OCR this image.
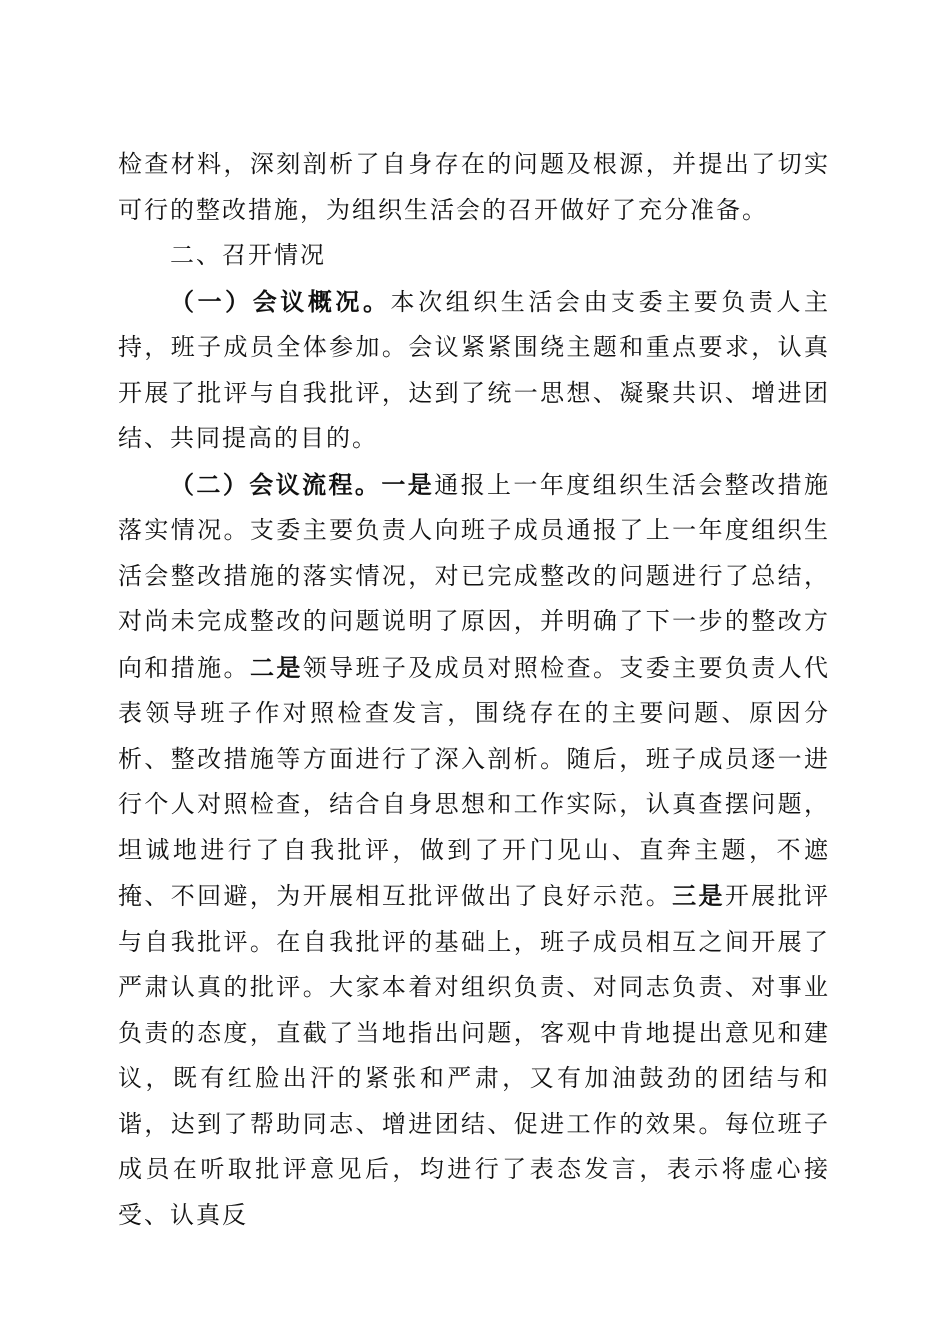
检查材料，深刻剖析了自身存在的问题及根源，并提出了切实可行的整改措施，为组织生活会的召开做好了充分准备。

二、召开情况

（一）会议概况。本次组织生活会由支委主要负责人主持，班子成员全体参加。会议紧紧围绕主题和重点要求，认真开展了批评与自我批评，达到了统一思想、凝聚共识、增进团结、共同提高的目的。

（二）会议流程。一是通报上一年度组织生活会整改措施落实情况。支委主要负责人向班子成员通报了上一年度组织生活会整改措施的落实情况，对已完成整改的问题进行了总结，对尚未完成整改的问题说明了原因，并明确了下一步的整改方向和措施。二是领导班子及成员对照检查。支委主要负责人代表领导班子作对照检查发言，围绕存在的主要问题、原因分析、整改措施等方面进行了深入剖析。随后，班子成员逐一进行个人对照检查，结合自身思想和工作实际，认真查摆问题，坦诚地进行了自我批评，做到了开门见山、直奔主题，不遮掩、不回避，为开展相互批评做出了良好示范。三是开展批评与自我批评。在自我批评的基础上，班子成员相互之间开展了严肃认真的批评。大家本着对组织负责、对同志负责、对事业负责的态度，直截了当地指出问题，客观中肯地提出意见和建议，既有红脸出汗的紧张和严肃，又有加油鼓劲的团结与和谐，达到了帮助同志、增进团结、促进工作的效果。每位班子成员在听取批评意见后，均进行了表态发言，表示将虚心接受、认真反
